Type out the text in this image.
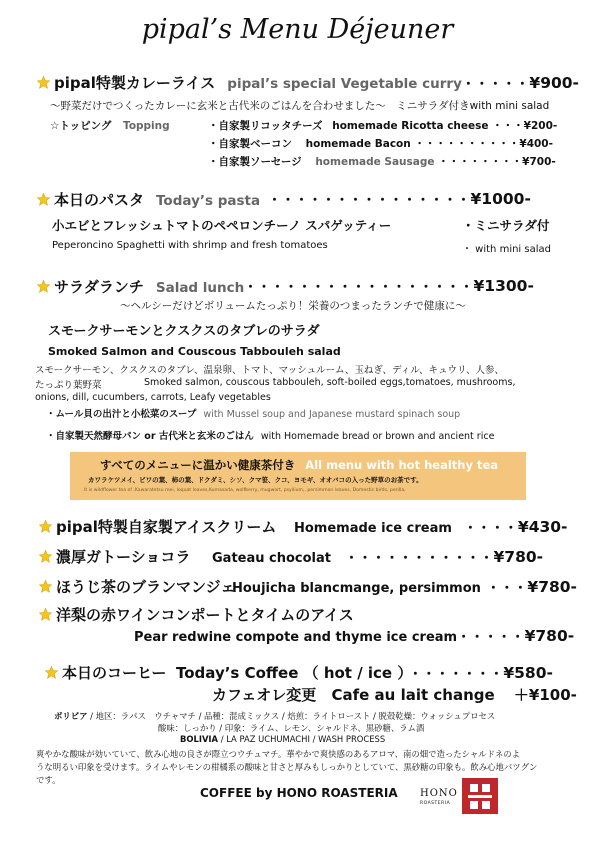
pipal’s Menu Déjeuner
pipal特製カレーライス pipal’s special Vegetable curry・・・・・¥900-
〜野菜だけでつくったカレーに玄米と古代米のごはんを合わせました〜　ミニサラダ付きwith mini salad
☆トッピング Topping	・自家製リコッタチーズ homemade Ricotta cheese ・・・¥200-
・自家製ベーコン homemade Bacon ・・・・・・・・・・¥400-
・自家製ソーセージ homemade Sausage ・・・・・・・・¥700-
本日のパスタ Today’s pasta ・・・・・・・・・・・・・・・¥1000-
小エビとフレッシュトマトのペペロンチーノ スパゲッティー	・ミニサラダ付
Peperoncino Spaghetti with shrimp and fresh tomatoes	・ with mini salad
サラダランチ Salad lunch ・・・・・・・・・・・・・・・・・¥1300-
〜ヘルシーだけどボリュームたっぷり！栄養のつまったランチで健康に〜
スモークサーモンとクスクスのタブレのサラダ
Smoked Salmon and Couscous Tabbouleh salad
スモークサーモン、クスクスのタブレ、温泉卵、トマト、マッシュルーム、玉ねぎ、ディル、キュウリ、人参、
たっぷり葉野菜	Smoked salmon, couscous tabbouleh, soft-boiled eggs,tomatoes, mushrooms,
onions, dill, cucumbers, carrots, Leafy vegetables
・ムール貝の出汁と小松菜のスープ with Mussel soup and Japanese mustard spinach soup
・自家製天然酵母パン or 古代米と玄米のごはん with Homemade bread or brown and ancient rice
すべてのメニューに温かい健康茶付き All menu with hot healthy tea
カワラケツメイ、ビワの葉、柿の葉、ドクダミ、シソ、クマ笹、クコ、ヨモギ、オオバコの入った野草のお茶です。
It is wildflower tea of ,Kawaratetsu mei, loquat leaves,Kumasada, wolfberry, mugwort, psyllium,, persimmon leaves, Domestic birds, perilla,
pipal特製自家製アイスクリーム Homemade ice cream ・・・・¥430-
濃厚ガトーショコラ Gateau chocolat ・・・・・・・・・・・¥780-
ほうじ茶のブランマンジェ
Houjicha blancmange, persimmon ・・・¥780-
洋梨の赤ワインコンポートとタイムのアイス
Pear redwine compote and thyme ice cream・・・・・¥780-
本日のコーヒー Today’s Coffee （ hot / ice ） ・・・・・・・¥580-
カフェオレ変更 Cafe au lait change ＋¥100-
ボリビア / 地区：ラパス　ウチャマチ / 品種：混成ミックス / 焙煎：ライトロースト / 脱殻乾燥：ウォッシュプロセス
酸味：しっかり / 印象：ライム、レモン、シャルドネ、黒砂糖、ラム酒
BOLIVIA / LA PAZ UCHUMACHI / WASH PROCESS
爽やかな酸味が効いていて、飲み心地の良さが際立つウチュマチ。華やかで爽快感のあるアロマ、南の畑で造ったシャルドネのよ
うな明るい印象を受けます。ライムやレモンの柑橘系の酸味と甘さと厚みもしっかりとしていて、黒砂糖の印象も。飲み心地バツグン
です。
COFFEE by HONO ROASTERIA HONO
ROASTERIA
